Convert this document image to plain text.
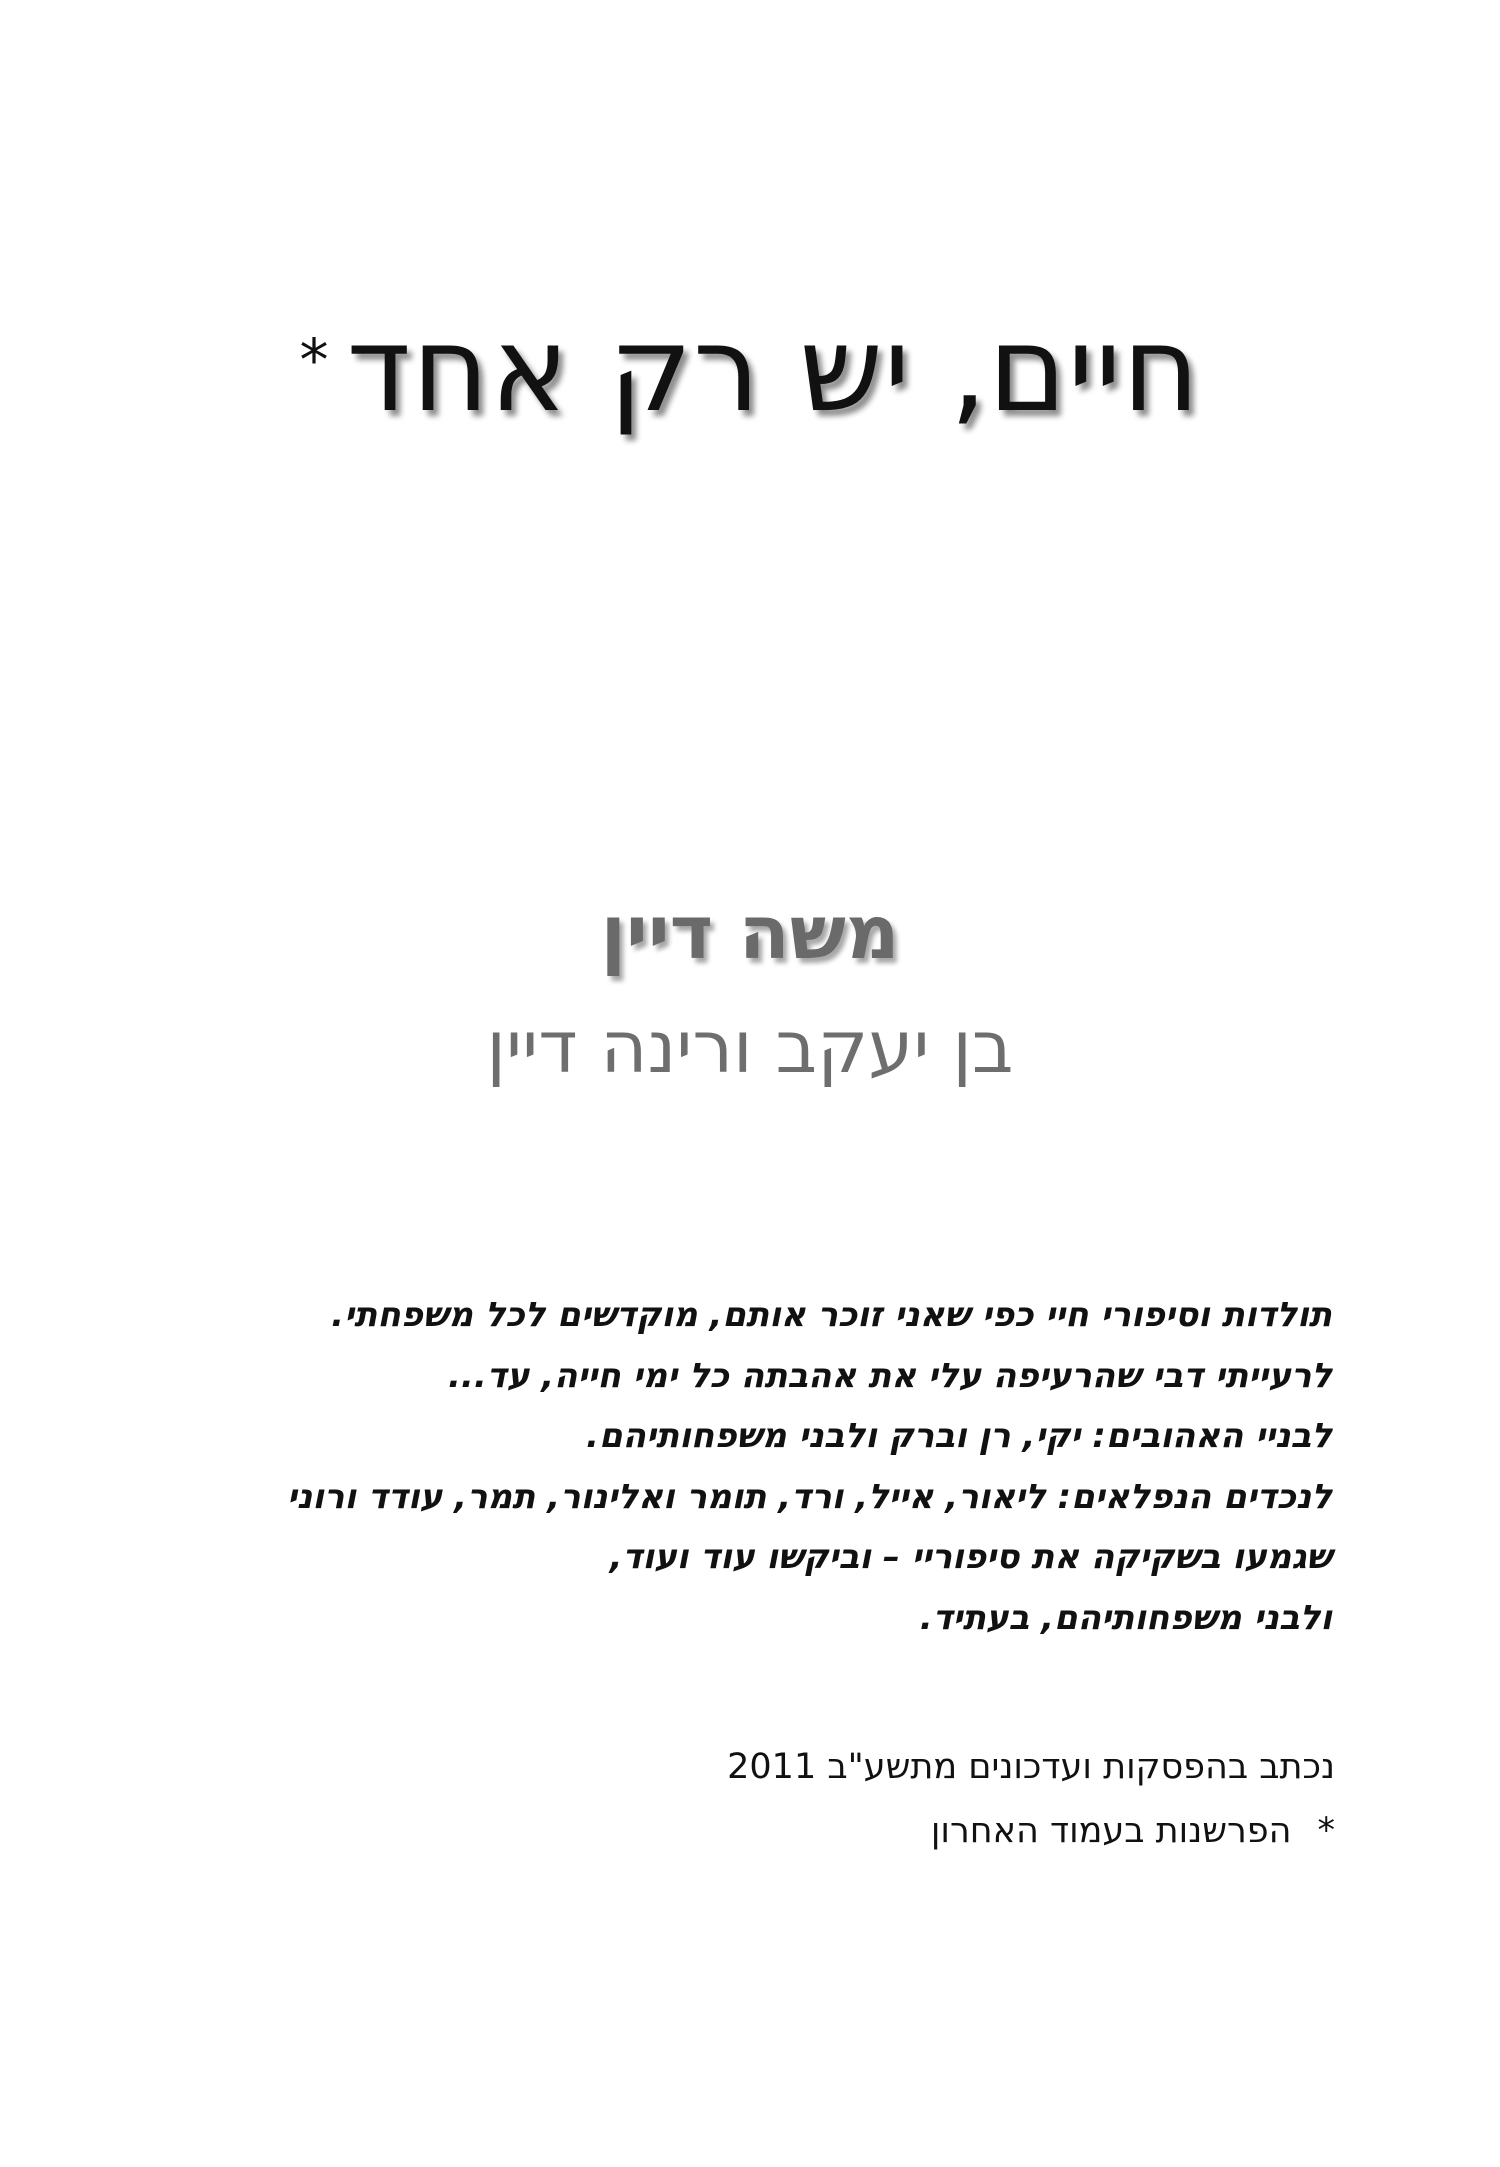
חיים, יש רק אחד*
משה דיין
בן יעקב ורינה דיין
תולדות וסיפורי חיי כפי שאני זוכר אותם, מוקדשים לכל משפחתי.
לרעייתי דבי שהרעיפה עלי את אהבתה כל ימי חייה, עד...
לבניי האהובים: יקי, רן וברק ולבני משפחותיהם.
לנכדים הנפלאים: ליאור, אייל, ורד, תומר ואלינור, תמר, עודד ורוני
שגמעו בשקיקה את סיפוריי – וביקשו עוד ועוד,
ולבני משפחותיהם, בעתיד.
נכתב בהפסקות ועדכונים מתשע"ב 2011
*הפרשנות בעמוד האחרון
